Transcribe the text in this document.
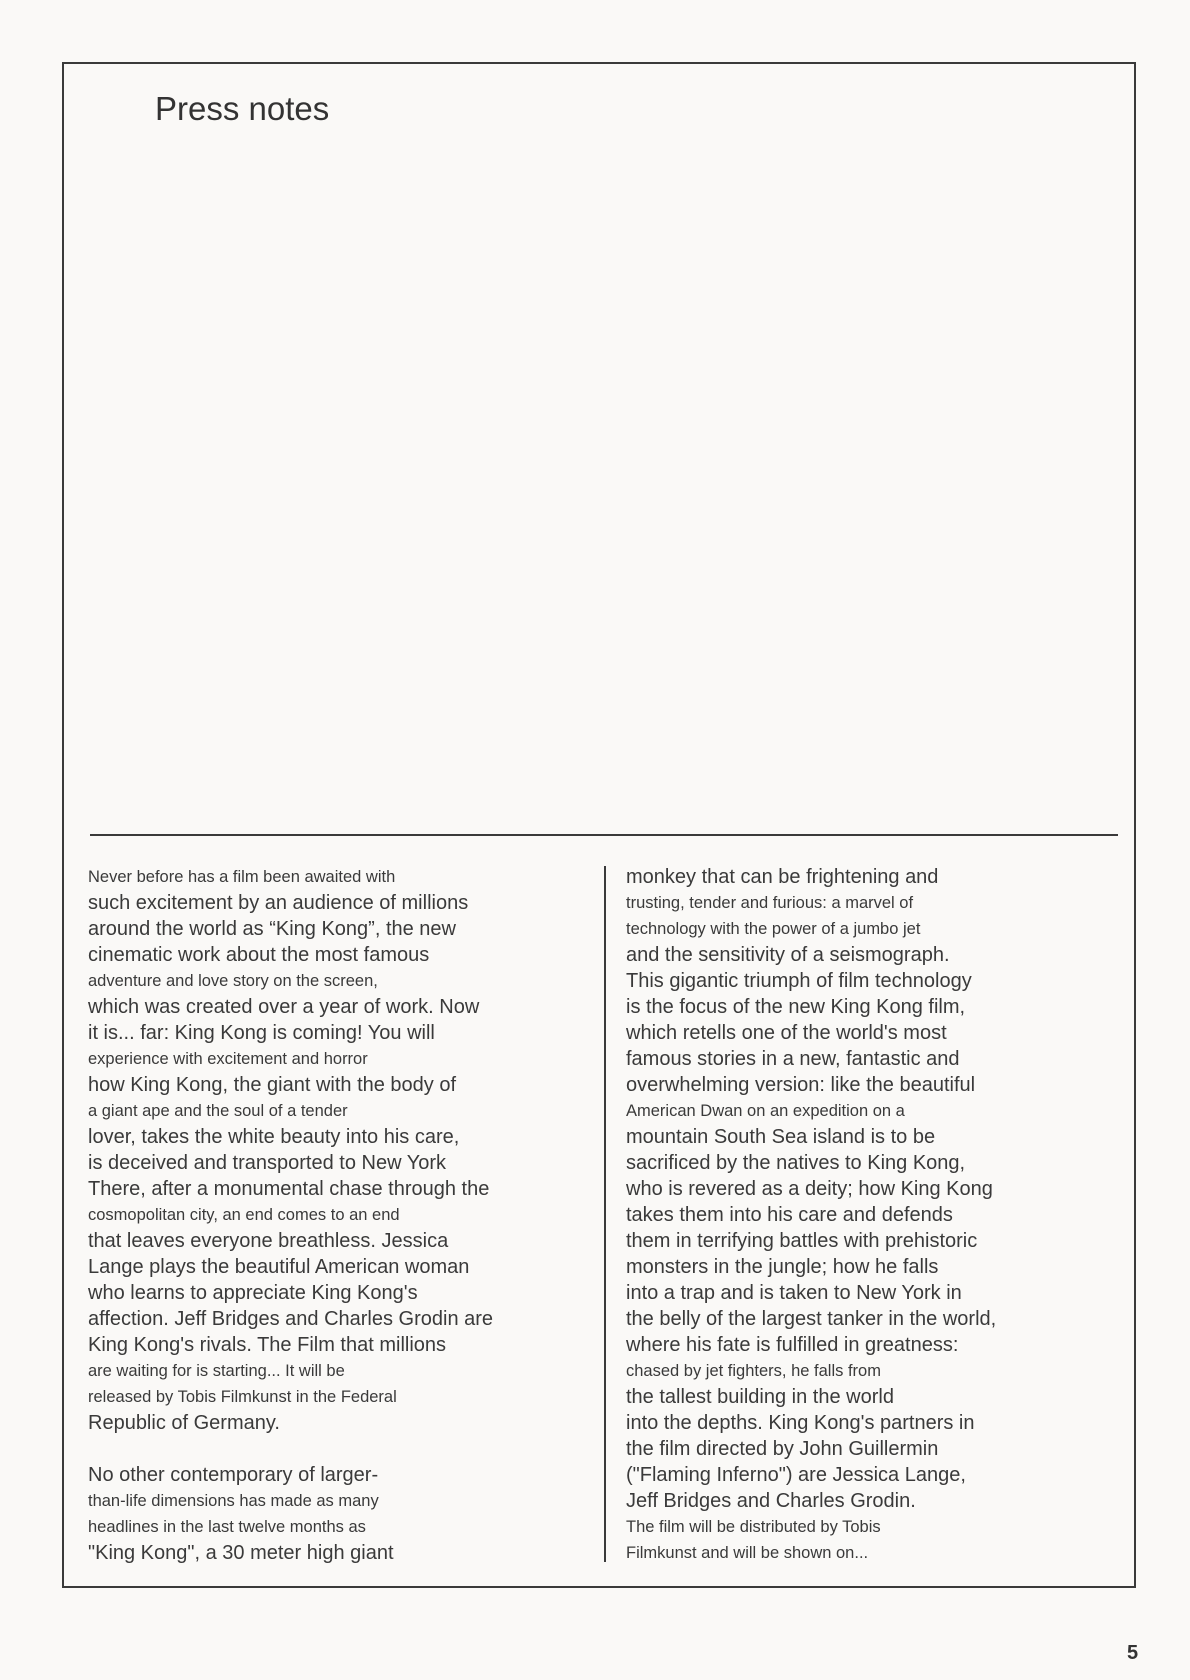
Press notes
Never before has a film been awaited with
such excitement by an audience of millions
around the world as “King Kong”, the new
cinematic work about the most famous
adventure and love story on the screen,
which was created over a year of work. Now
it is... far: King Kong is coming! You will
experience with excitement and horror
how King Kong, the giant with the body of
a giant ape and the soul of a tender
lover, takes the white beauty into his care,
is deceived and transported to New York
There, after a monumental chase through the
cosmopolitan city, an end comes to an end
that leaves everyone breathless. Jessica
Lange plays the beautiful American woman
who learns to appreciate King Kong's
affection. Jeff Bridges and Charles Grodin are
King Kong's rivals. The Film that millions
are waiting for is starting... It will be
released by Tobis Filmkunst in the Federal
Republic of Germany.
No other contemporary of larger-
than-life dimensions has made as many
headlines in the last twelve months as
"King Kong", a 30 meter high giant
monkey that can be frightening and
trusting, tender and furious: a marvel of
technology with the power of a jumbo jet
and the sensitivity of a seismograph.
This gigantic triumph of film technology
is the focus of the new King Kong film,
which retells one of the world's most
famous stories in a new, fantastic and
overwhelming version: like the beautiful
American Dwan on an expedition on a
mountain South Sea island is to be
sacrificed by the natives to King Kong,
who is revered as a deity; how King Kong
takes them into his care and defends
them in terrifying battles with prehistoric
monsters in the jungle; how he falls
into a trap and is taken to New York in
the belly of the largest tanker in the world,
where his fate is fulfilled in greatness:
chased by jet fighters, he falls from
the tallest building in the world
into the depths. King Kong's partners in
the film directed by John Guillermin
("Flaming Inferno") are Jessica Lange,
Jeff Bridges and Charles Grodin.
The film will be distributed by Tobis
Filmkunst and will be shown on...
5
